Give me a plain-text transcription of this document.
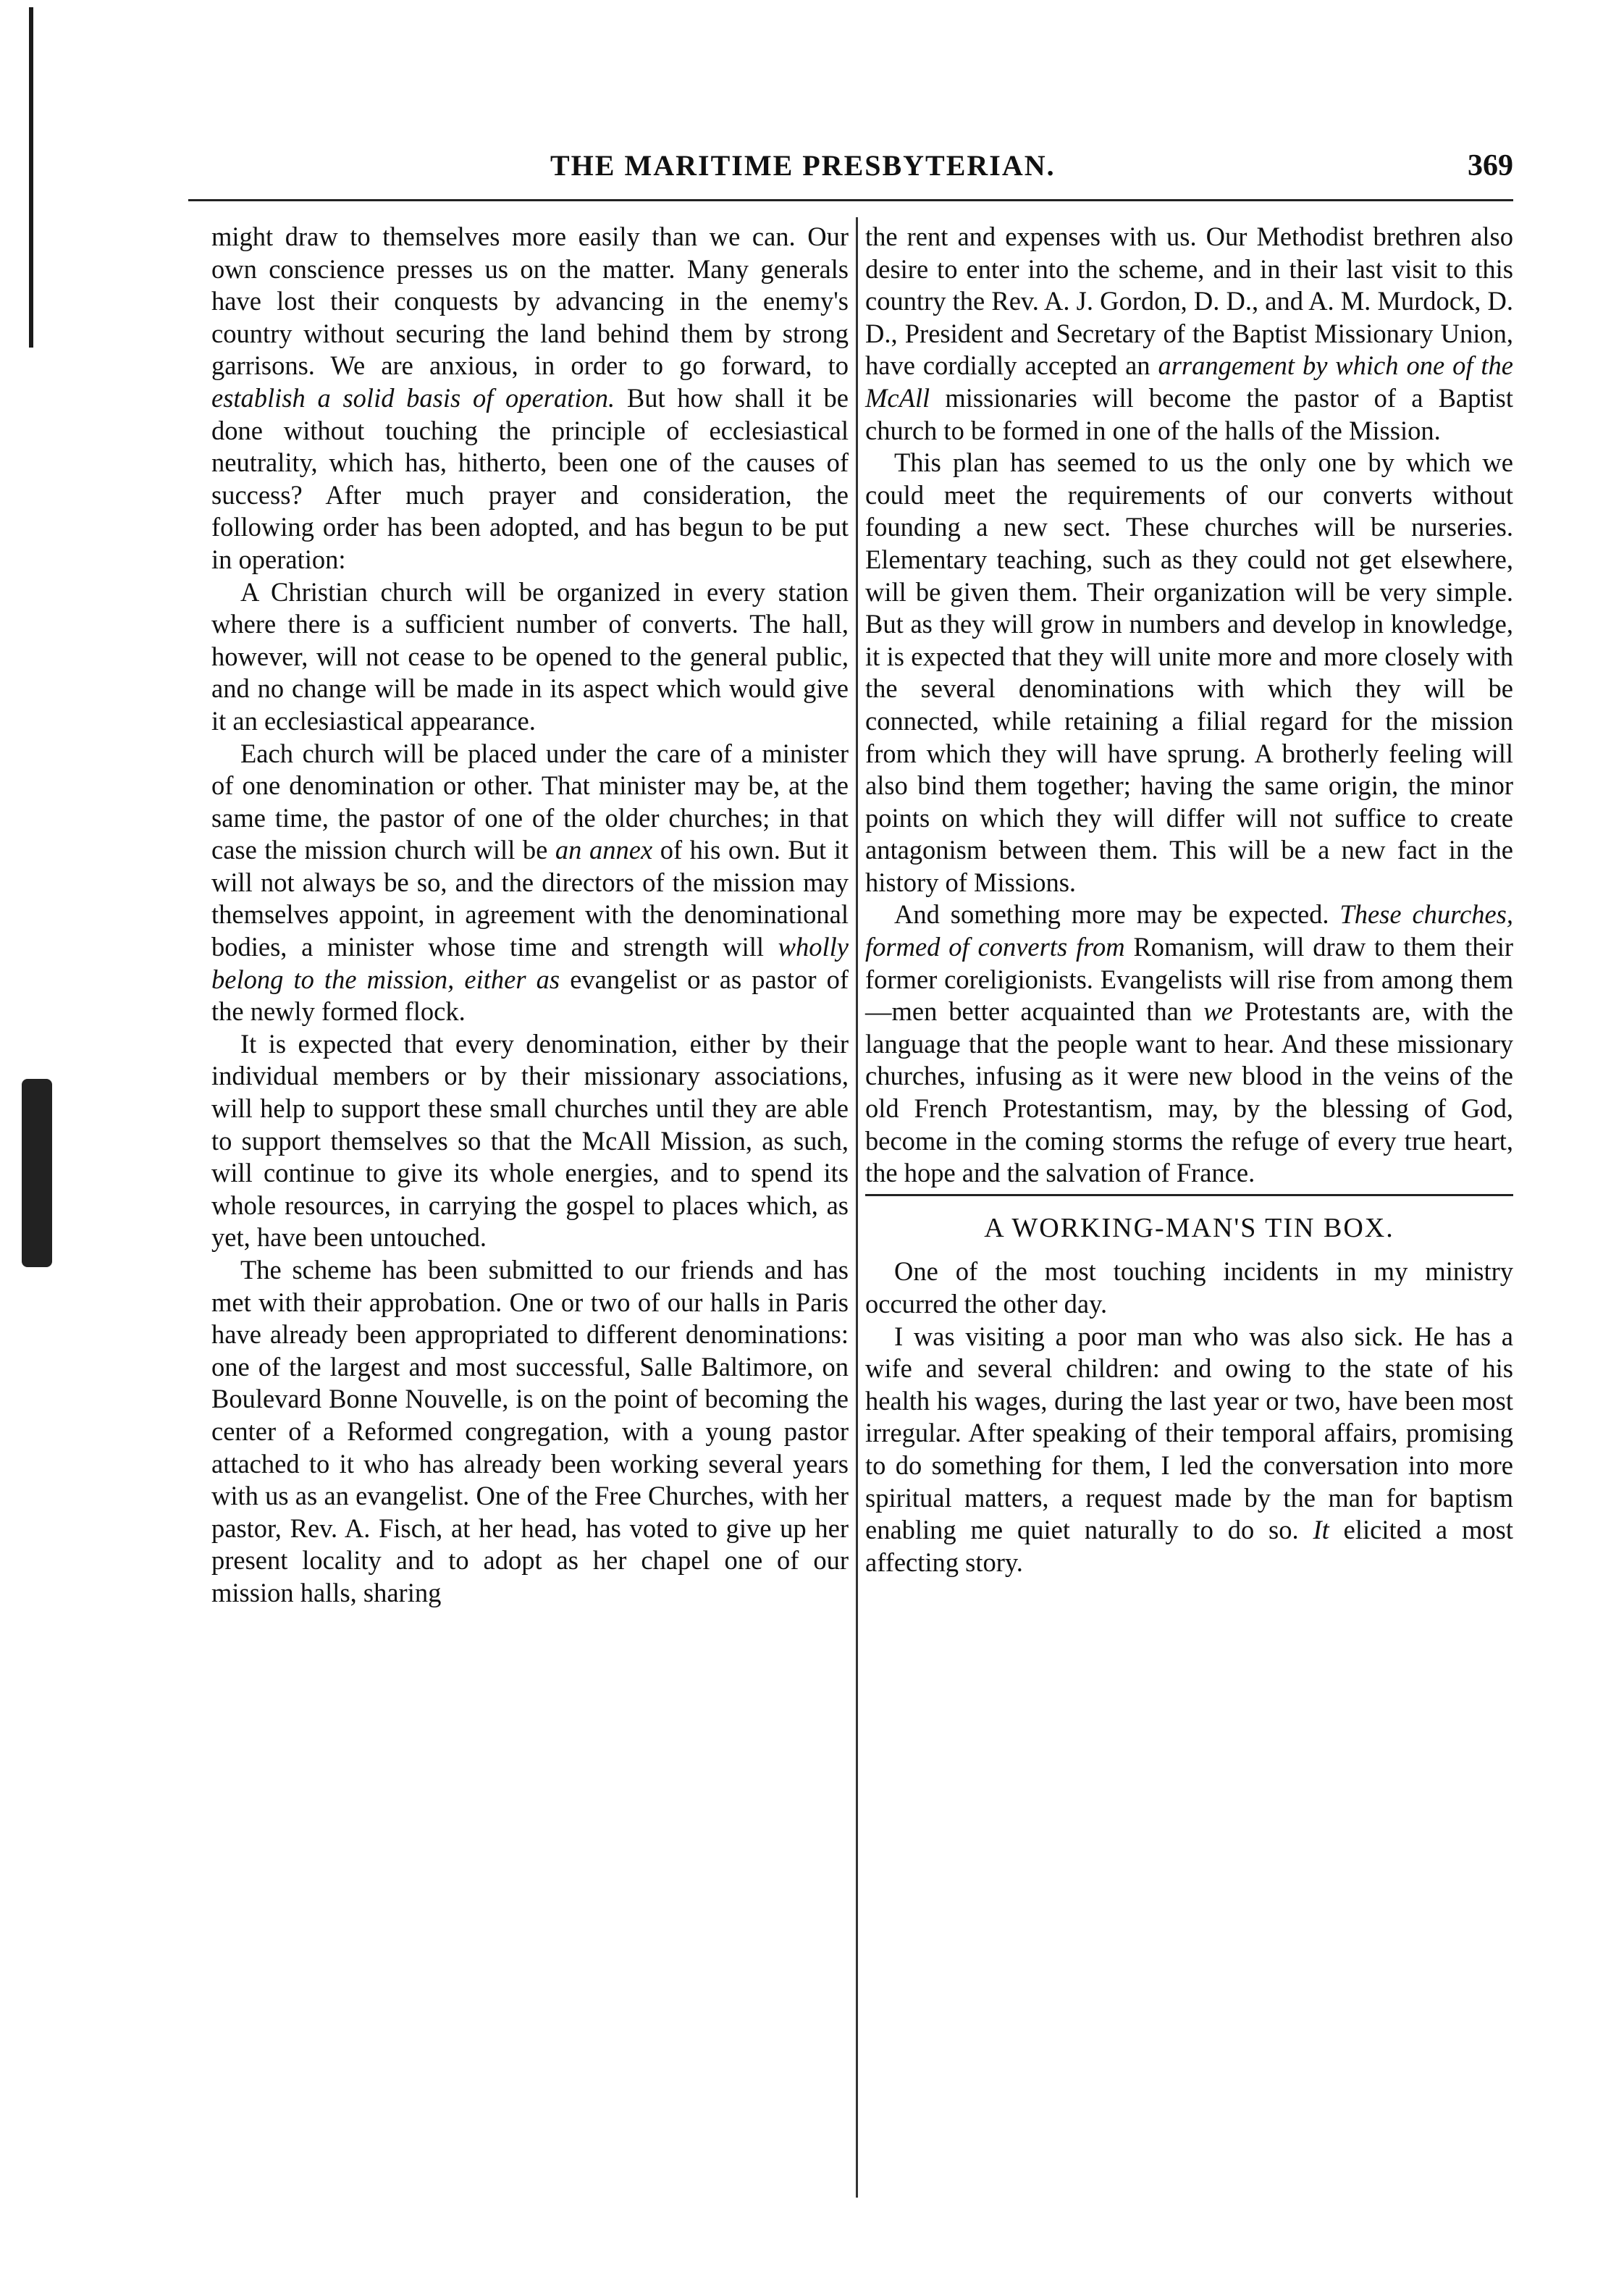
THE MARITIME PRESBYTERIAN.	369

might draw to themselves more easily than we can. Our own conscience presses us on the matter. Many generals have lost their conquests by advancing in the enemy's country without securing the land behind them by strong garrisons. We are anxious, in order to go forward, to establish a solid basis of operation. But how shall it be done without touching the principle of ecclesiastical neutrality, which has, hitherto, been one of the causes of success? After much prayer and consideration, the following order has been adopted, and has begun to be put in operation:

A Christian church will be organized in every station where there is a sufficient number of converts. The hall, however, will not cease to be opened to the general public, and no change will be made in its aspect which would give it an ecclesiastical appearance.

Each church will be placed under the care of a minister of one denomination or other. That minister may be, at the same time, the pastor of one of the older churches; in that case the mission church will be an annex of his own. But it will not always be so, and the directors of the mission may themselves appoint, in agreement with the denominational bodies, a minister whose time and strength will wholly belong to the mission, either as evangelist or as pastor of the newly formed flock.

It is expected that every denomination, either by their individual members or by their missionary associations, will help to support these small churches until they are able to support themselves so that the McAll Mission, as such, will continue to give its whole energies, and to spend its whole resources, in carrying the gospel to places which, as yet, have been untouched.

The scheme has been submitted to our friends and has met with their approbation. One or two of our halls in Paris have already been appropriated to different denominations: one of the largest and most successful, Salle Baltimore, on Boulevard Bonne Nouvelle, is on the point of becoming the center of a Reformed congregation, with a young pastor attached to it who has already been working several years with us as an evangelist. One of the Free Churches, with her pastor, Rev. A. Fisch, at her head, has voted to give up her present locality and to adopt as her chapel one of our mission halls, sharing

the rent and expenses with us. Our Methodist brethren also desire to enter into the scheme, and in their last visit to this country the Rev. A. J. Gordon, D. D., and A. M. Murdock, D. D., President and Secretary of the Baptist Missionary Union, have cordially accepted an arrangement by which one of the McAll missionaries will become the pastor of a Baptist church to be formed in one of the halls of the Mission.

This plan has seemed to us the only one by which we could meet the requirements of our converts without founding a new sect. These churches will be nurseries. Elementary teaching, such as they could not get elsewhere, will be given them. Their organization will be very simple. But as they will grow in numbers and develop in knowledge, it is expected that they will unite more and more closely with the several denominations with which they will be connected, while retaining a filial regard for the mission from which they will have sprung. A brotherly feeling will also bind them together; having the same origin, the minor points on which they will differ will not suffice to create antagonism between them. This will be a new fact in the history of Missions.

And something more may be expected. These churches, formed of converts from Romanism, will draw to them their former coreligionists. Evangelists will rise from among them—men better acquainted than we Protestants are, with the language that the people want to hear. And these missionary churches, infusing as it were new blood in the veins of the old French Protestantism, may, by the blessing of God, become in the coming storms the refuge of every true heart, the hope and the salvation of France.

A WORKING-MAN'S TIN BOX.

One of the most touching incidents in my ministry occurred the other day.

I was visiting a poor man who was also sick. He has a wife and several children: and owing to the state of his health his wages, during the last year or two, have been most irregular. After speaking of their temporal affairs, promising to do something for them, I led the conversation into more spiritual matters, a request made by the man for baptism enabling me quiet naturally to do so. It elicited a most affecting story.
